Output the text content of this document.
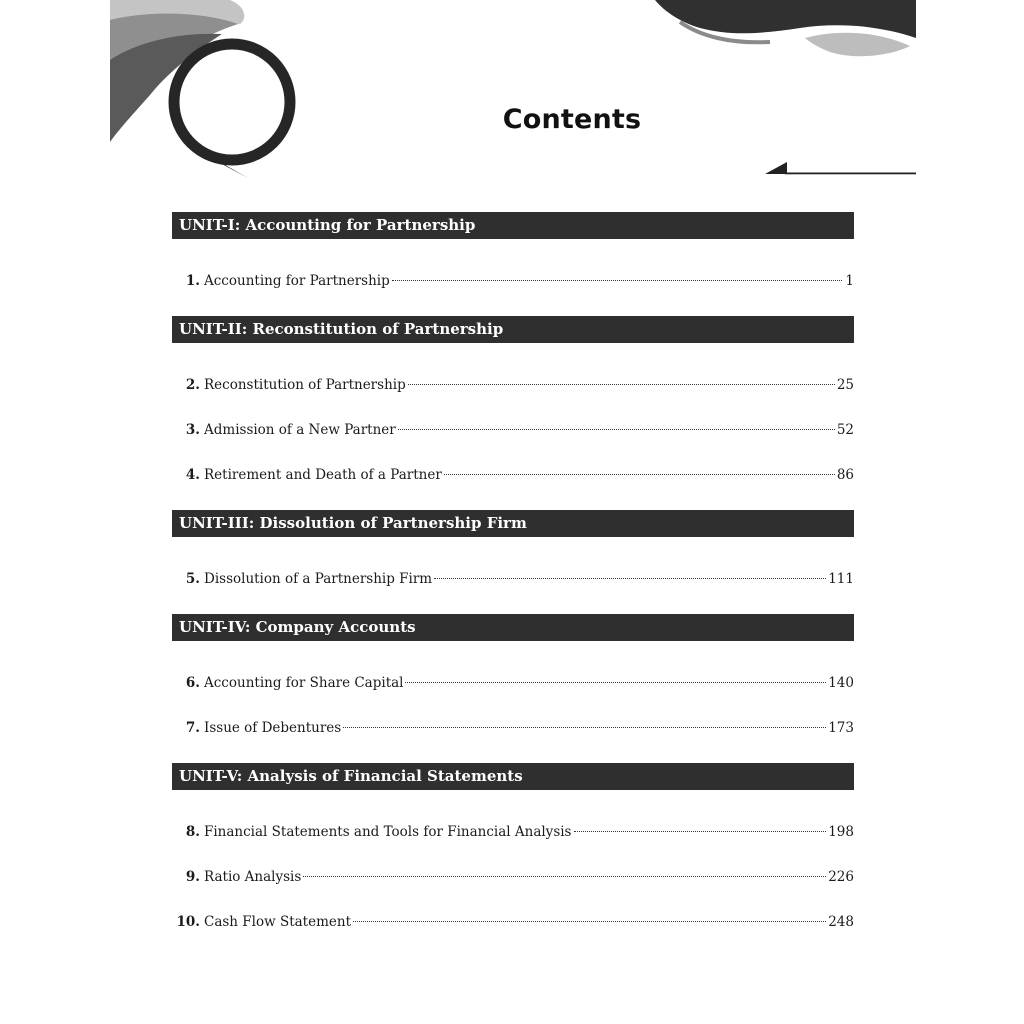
Contents
UNIT-I: Accounting for Partnership
1. Accounting for Partnership	1
UNIT-II: Reconstitution of Partnership
2. Reconstitution of Partnership	25
3. Admission of a New Partner	52
4. Retirement and Death of a Partner	86
UNIT-III: Dissolution of Partnership Firm
5. Dissolution of a Partnership Firm	111
UNIT-IV: Company Accounts
6. Accounting for Share Capital	140
7. Issue of Debentures	173
UNIT-V: Analysis of Financial Statements
8. Financial Statements and Tools for Financial Analysis	198
9. Ratio Analysis	226
10. Cash Flow Statement	248
